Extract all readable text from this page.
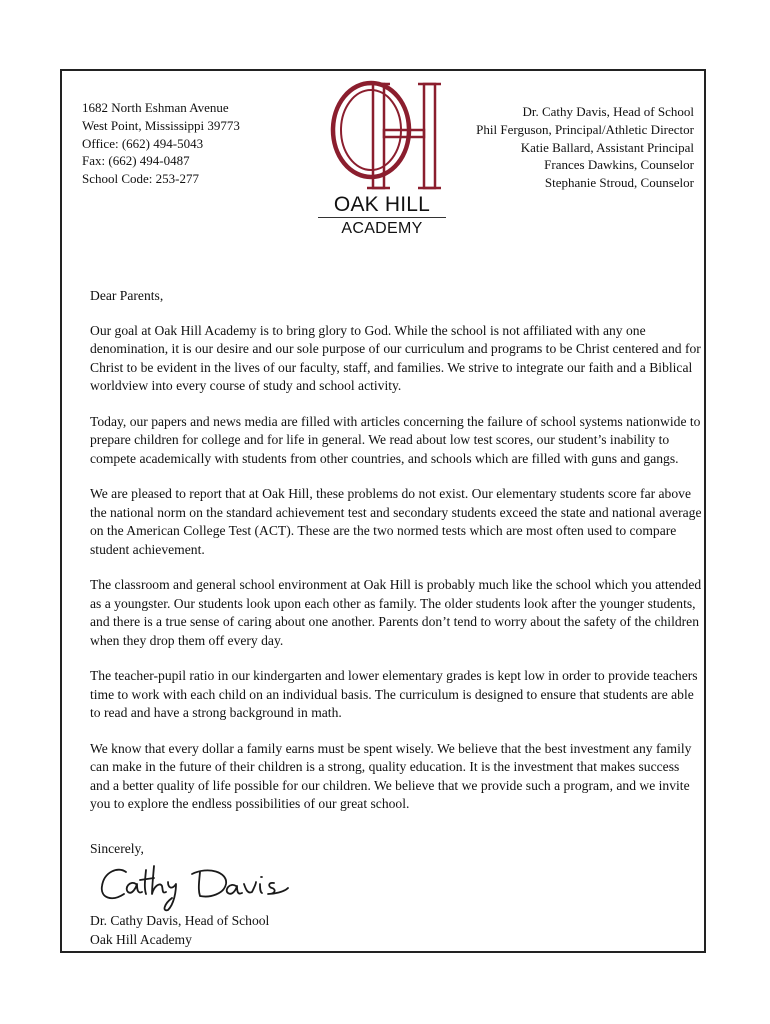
1682 North Eshman Avenue
West Point, Mississippi 39773
Office: (662) 494-5043
Fax: (662) 494-0487
School Code: 253-277
OAK HILL
ACADEMY
Dr. Cathy Davis, Head of School
Phil Ferguson, Principal/Athletic Director
Katie Ballard, Assistant Principal
Frances Dawkins, Counselor
Stephanie Stroud, Counselor

Dear Parents,

Our goal at Oak Hill Academy is to bring glory to God. While the school is not affiliated with any one denomination, it is our desire and our sole purpose of our curriculum and programs to be Christ centered and for Christ to be evident in the lives of our faculty, staff, and families. We strive to integrate our faith and a Biblical worldview into every course of study and school activity.

Today, our papers and news media are filled with articles concerning the failure of school systems nationwide to prepare children for college and for life in general. We read about low test scores, our student’s inability to compete academically with students from other countries, and schools which are filled with guns and gangs.

We are pleased to report that at Oak Hill, these problems do not exist. Our elementary students score far above the national norm on the standard achievement test and secondary students exceed the state and national average on the American College Test (ACT). These are the two normed tests which are most often used to compare student achievement.

The classroom and general school environment at Oak Hill is probably much like the school which you attended as a youngster. Our students look upon each other as family. The older students look after the younger students, and there is a true sense of caring about one another. Parents don’t tend to worry about the safety of the children when they drop them off every day.

The teacher-pupil ratio in our kindergarten and lower elementary grades is kept low in order to provide teachers time to work with each child on an individual basis. The curriculum is designed to ensure that students are able to read and have a strong background in math.

We know that every dollar a family earns must be spent wisely. We believe that the best investment any family can make in the future of their children is a strong, quality education. It is the investment that makes success and a better quality of life possible for our children. We believe that we provide such a program, and we invite you to explore the endless possibilities of our great school.

Sincerely,
Dr. Cathy Davis, Head of School
Oak Hill Academy
